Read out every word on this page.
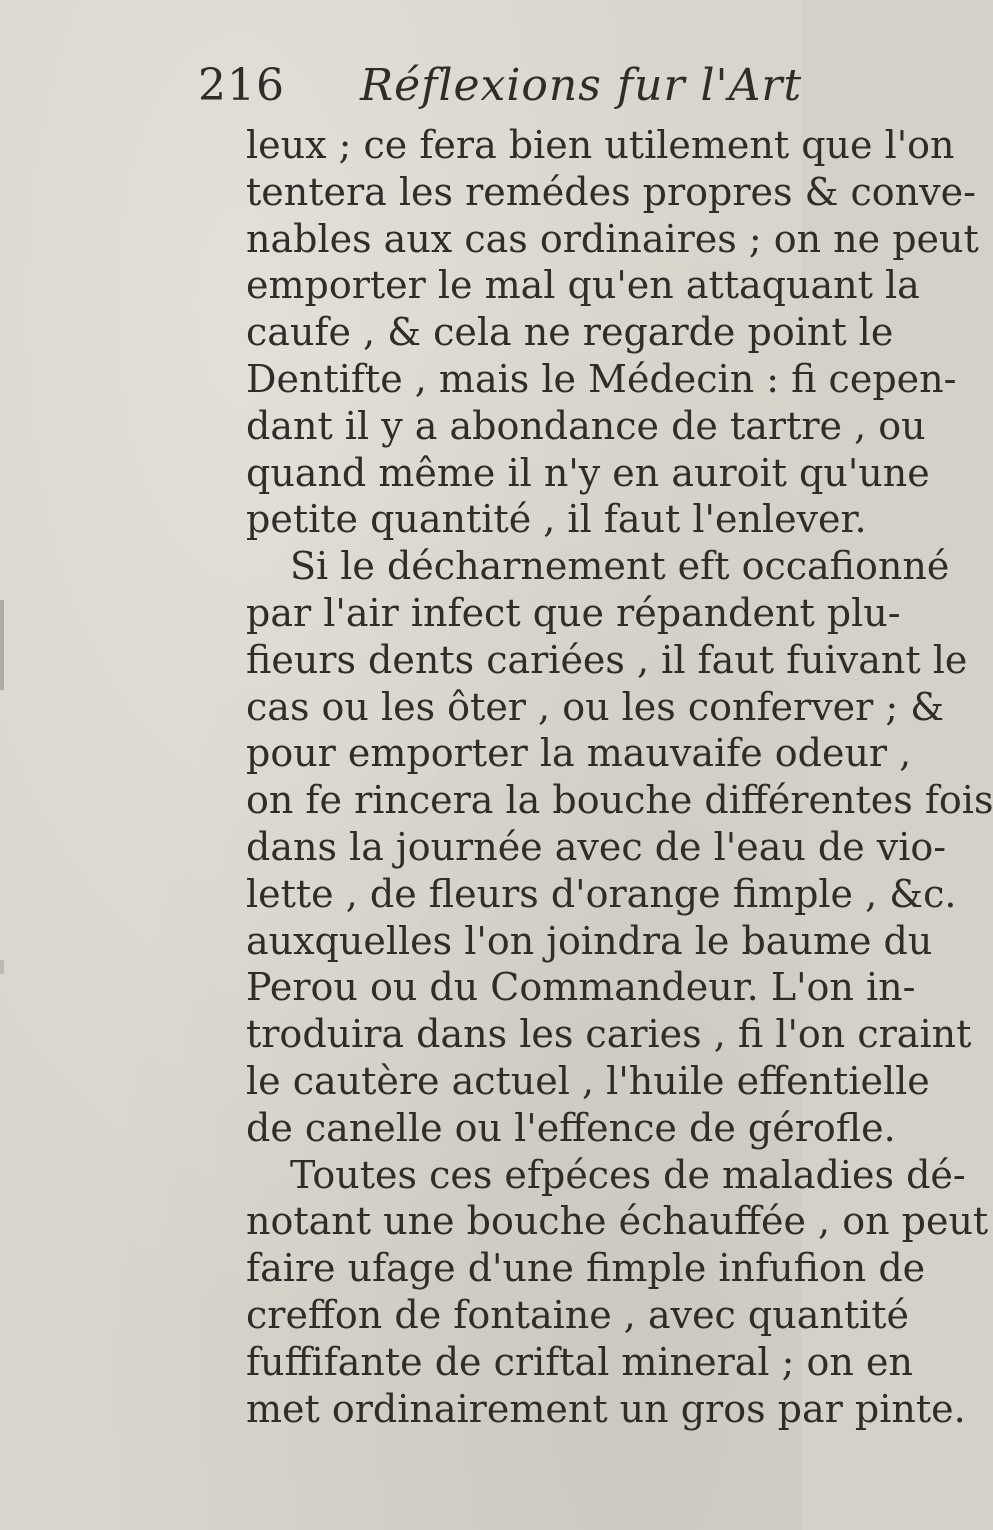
216 Réflexions fur l'Art
leux ; ce fera bien utilement que l'on
tentera les remédes propres & conve-
nables aux cas ordinaires ; on ne peut
emporter le mal qu'en attaquant la
caufe , & cela ne regarde point le
Dentifte , mais le Médecin : fi cepen-
dant il y a abondance de tartre , ou
quand même il n'y en auroit qu'une
petite quantité , il faut l'enlever.
Si le décharnement eft occafionné
par l'air infect que répandent plu-
fieurs dents cariées , il faut fuivant le
cas ou les ôter , ou les conferver ; &
pour emporter la mauvaife odeur ,
on fe rincera la bouche différentes fois
dans la journée avec de l'eau de vio-
lette , de fleurs d'orange fimple , &c.
auxquelles l'on joindra le baume du
Perou ou du Commandeur. L'on in-
troduira dans les caries , fi l'on craint
le cautère actuel , l'huile effentielle
de canelle ou l'effence de gérofle.
Toutes ces efpéces de maladies dé-
notant une bouche échauffée , on peut
faire ufage d'une fimple infufion de
creffon de fontaine , avec quantité
fuffifante de criftal mineral ; on en
met ordinairement un gros par pinte.
